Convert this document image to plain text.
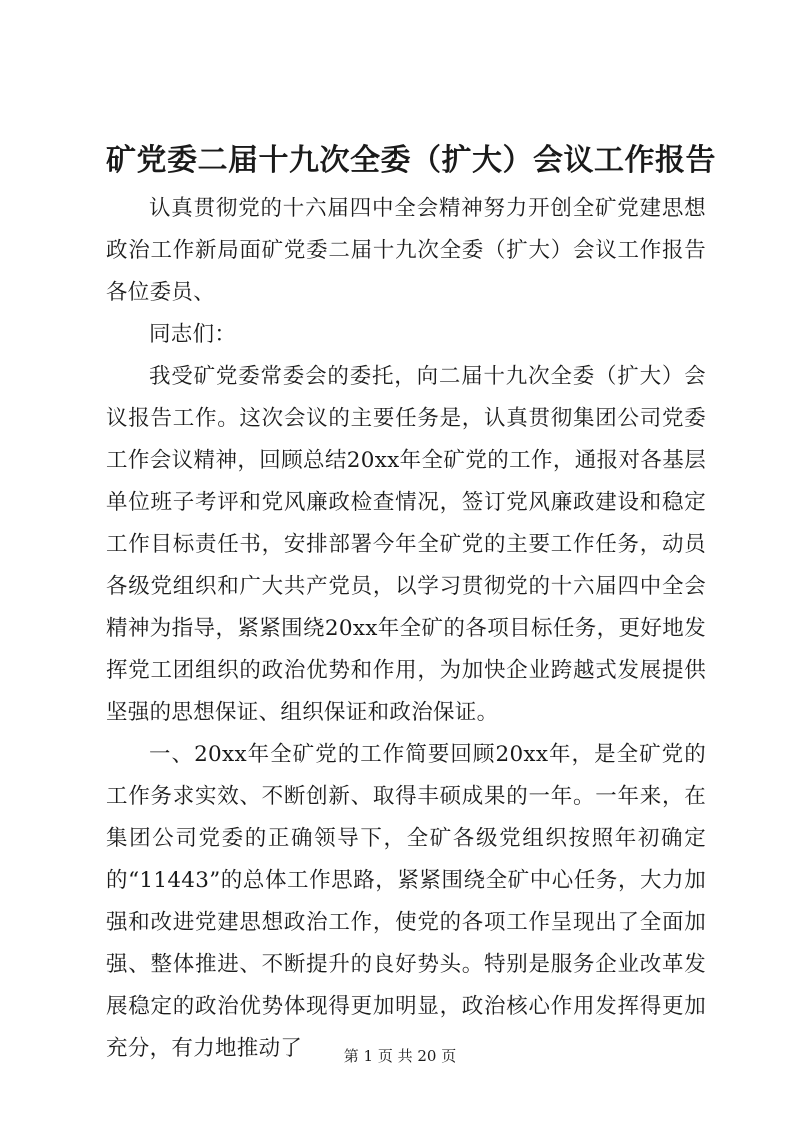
矿党委二届十九次全委（扩大）会议工作报告

认真贯彻党的十六届四中全会精神努力开创全矿党建思想政治工作新局面矿党委二届十九次全委（扩大）会议工作报告各位委员、

同志们：

我受矿党委常委会的委托，向二届十九次全委（扩大）会议报告工作。这次会议的主要任务是，认真贯彻集团公司党委工作会议精神，回顾总结20xx年全矿党的工作，通报对各基层单位班子考评和党风廉政检查情况，签订党风廉政建设和稳定工作目标责任书，安排部署今年全矿党的主要工作任务，动员各级党组织和广大共产党员，以学习贯彻党的十六届四中全会精神为指导，紧紧围绕20xx年全矿的各项目标任务，更好地发挥党工团组织的政治优势和作用，为加快企业跨越式发展提供坚强的思想保证、组织保证和政治保证。

一、20xx年全矿党的工作简要回顾20xx年，是全矿党的工作务求实效、不断创新、取得丰硕成果的一年。一年来，在集团公司党委的正确领导下，全矿各级党组织按照年初确定的“11443”的总体工作思路，紧紧围绕全矿中心任务，大力加强和改进党建思想政治工作，使党的各项工作呈现出了全面加强、整体推进、不断提升的良好势头。特别是服务企业改革发展稳定的政治优势体现得更加明显，政治核心作用发挥得更加充分，有力地推动了	第 1 页 共 20 页
